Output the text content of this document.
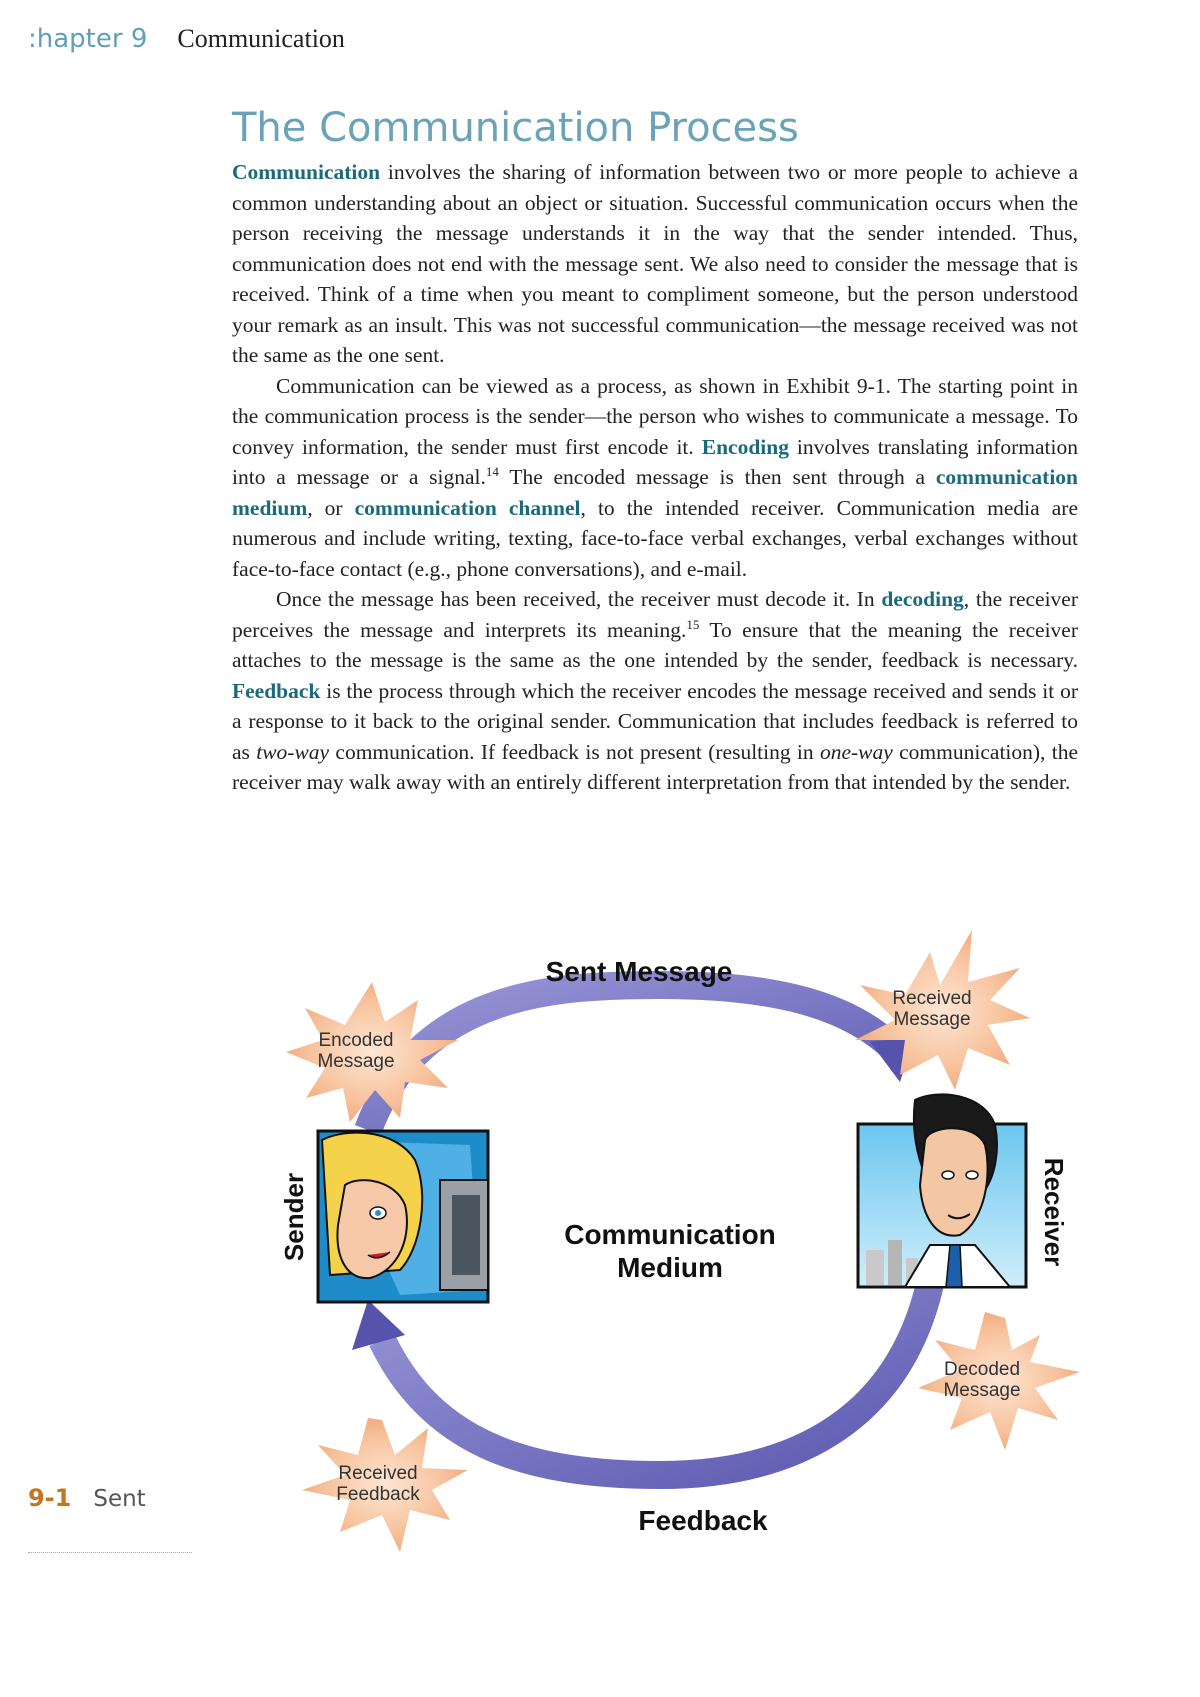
:hapter 9 Communication
The Communication Process

Communication involves the sharing of information between two or more people to achieve a common understanding about an object or situation. Successful communication occurs when the person receiving the message understands it in the way that the sender intended. Thus, communication does not end with the message sent. We also need to consider the message that is received. Think of a time when you meant to compliment someone, but the person understood your remark as an insult. This was not successful communication—the message received was not the same as the one sent.

Communication can be viewed as a process, as shown in Exhibit 9-1. The starting point in the communication process is the sender—the person who wishes to communicate a message. To convey information, the sender must first encode it. Encoding involves translating information into a message or a signal.$^{14}$ The encoded message is then sent through a communication medium, or communication channel, to the intended receiver. Communication media are numerous and include writing, texting, face-to-face verbal exchanges, verbal exchanges without face-to-face contact (e.g., phone conversations), and e-mail.

Once the message has been received, the receiver must decode it. In decoding, the receiver perceives the message and interprets its meaning.$^{15}$ To ensure that the meaning the receiver attaches to the message is the same as the one intended by the sender, feedback is necessary. Feedback is the process through which the receiver encodes the message received and sends it or a response to it back to the original sender. Communication that includes feedback is referred to as two-way communication. If feedback is not present (resulting in one-way communication), the receiver may walk away with an entirely different interpretation from that intended by the sender.

9-1 Sent
Encoded
Message
Received
Message
Decoded
Message
Received
Feedback
Sent Message
Feedback
Communication
Medium
Sender	Receiver
